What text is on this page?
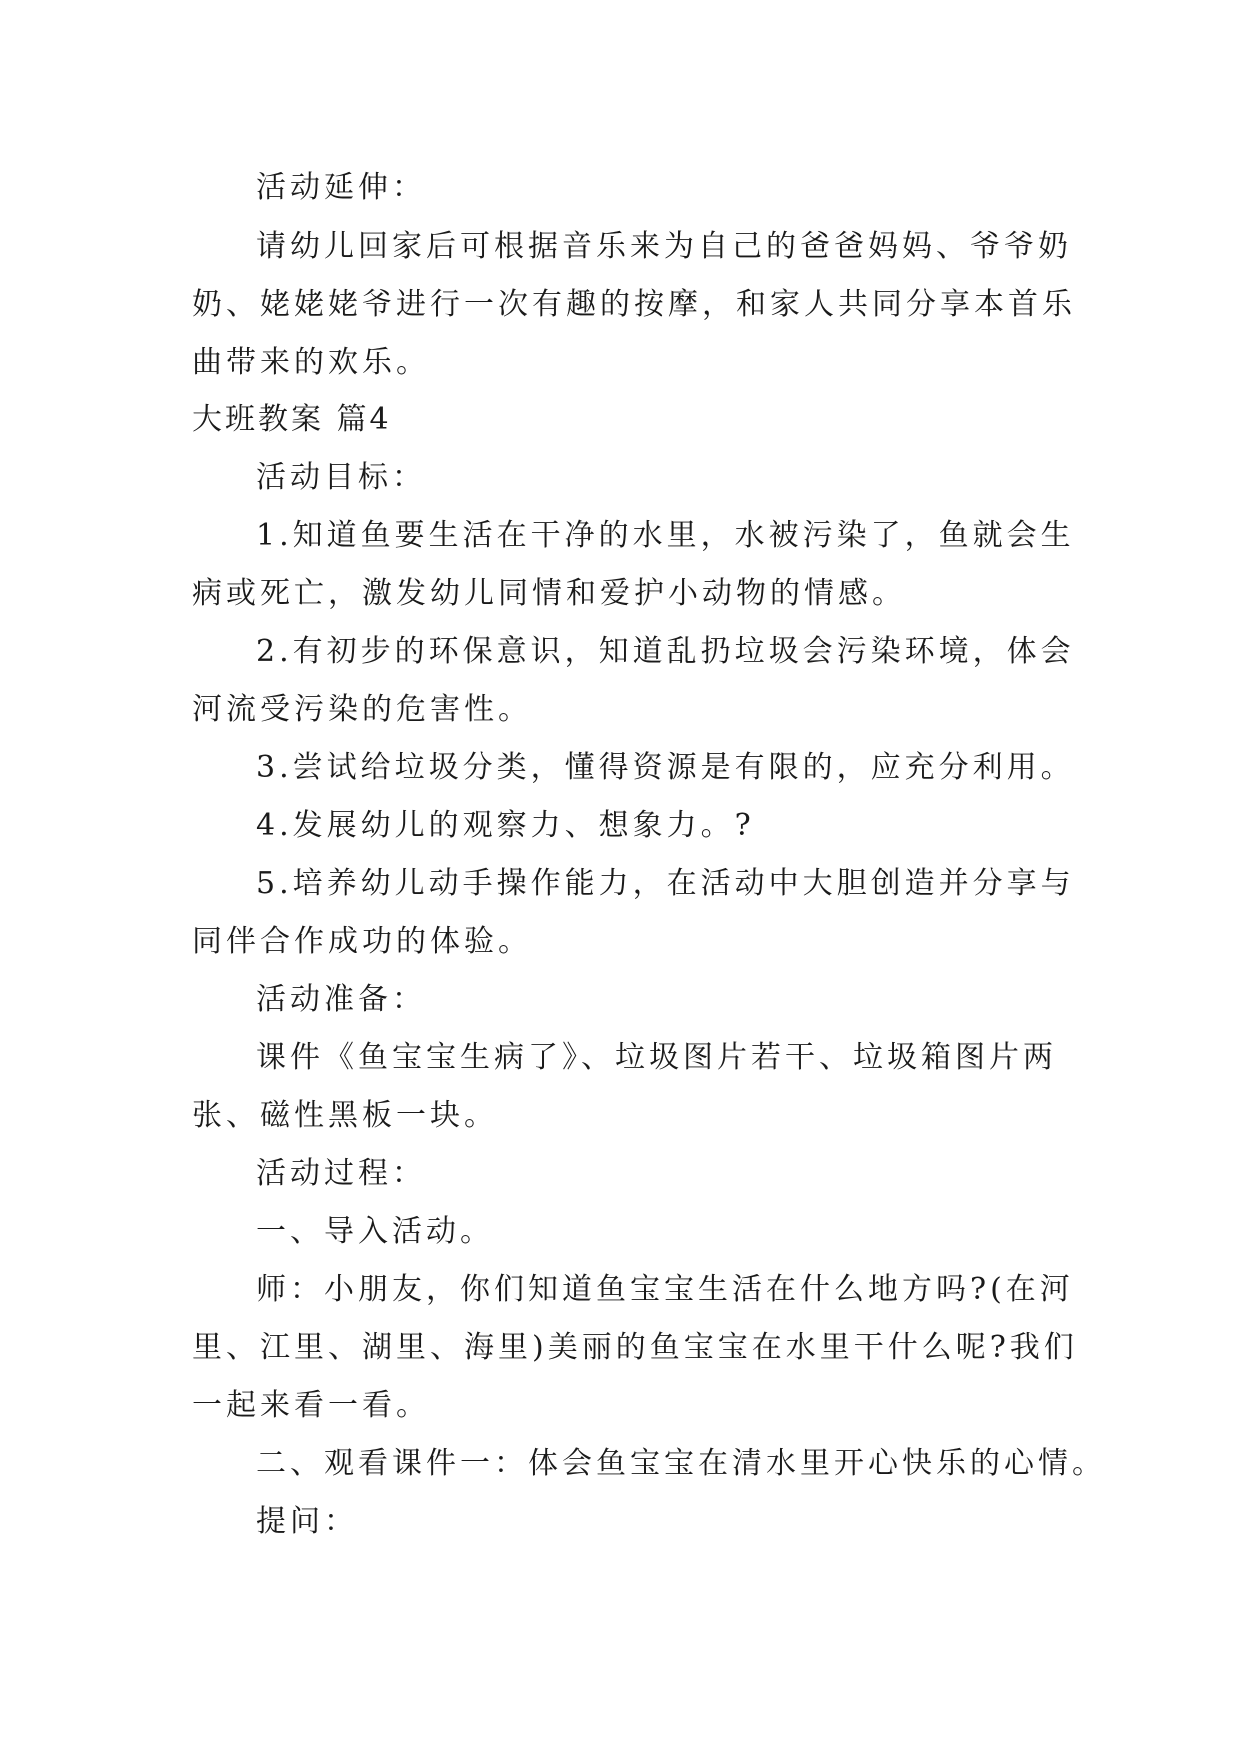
活动延伸：
请幼儿回家后可根据音乐来为自己的爸爸妈妈、爷爷奶
奶、姥姥姥爷进行一次有趣的按摩，和家人共同分享本首乐
曲带来的欢乐。
大班教案 篇4
活动目标：
1.知道鱼要生活在干净的水里，水被污染了，鱼就会生
病或死亡，激发幼儿同情和爱护小动物的情感。
2.有初步的环保意识，知道乱扔垃圾会污染环境，体会
河流受污染的危害性。
3.尝试给垃圾分类，懂得资源是有限的，应充分利用。
4.发展幼儿的观察力、想象力。?
5.培养幼儿动手操作能力，在活动中大胆创造并分享与
同伴合作成功的体验。
活动准备：
课件《鱼宝宝生病了》、垃圾图片若干、垃圾箱图片两
张、磁性黑板一块。
活动过程：
一、导入活动。
师：小朋友，你们知道鱼宝宝生活在什么地方吗?(在河
里、江里、湖里、海里)美丽的鱼宝宝在水里干什么呢?我们
一起来看一看。
二、观看课件一：体会鱼宝宝在清水里开心快乐的心情。
提问：
